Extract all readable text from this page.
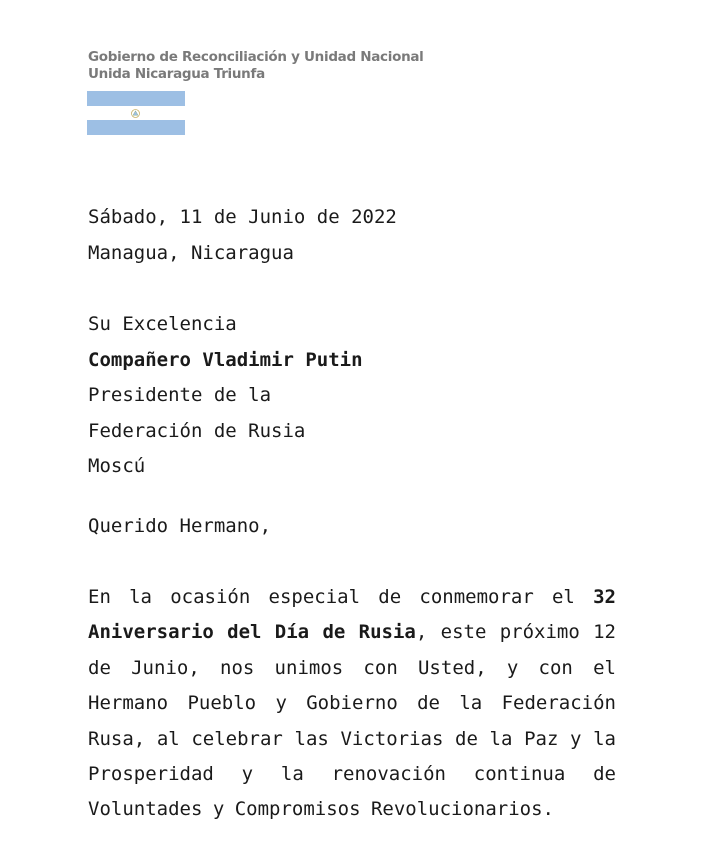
Gobierno de Reconciliación y Unidad Nacional
Unida Nicaragua Triunfa
Sábado, 11 de Junio de 2022
Managua, Nicaragua
Su Excelencia
Compañero Vladimir Putin
Presidente de la
Federación de Rusia
Moscú
Querido Hermano,

En la ocasión especial de conmemorar el 32 Aniversario del Día de Rusia, este próximo 12 de Junio, nos unimos con Usted, y con el Hermano Pueblo y Gobierno de la Federación Rusa, al celebrar las Victorias de la Paz y la Prosperidad y la renovación continua de Voluntades y Compromisos Revolucionarios.
